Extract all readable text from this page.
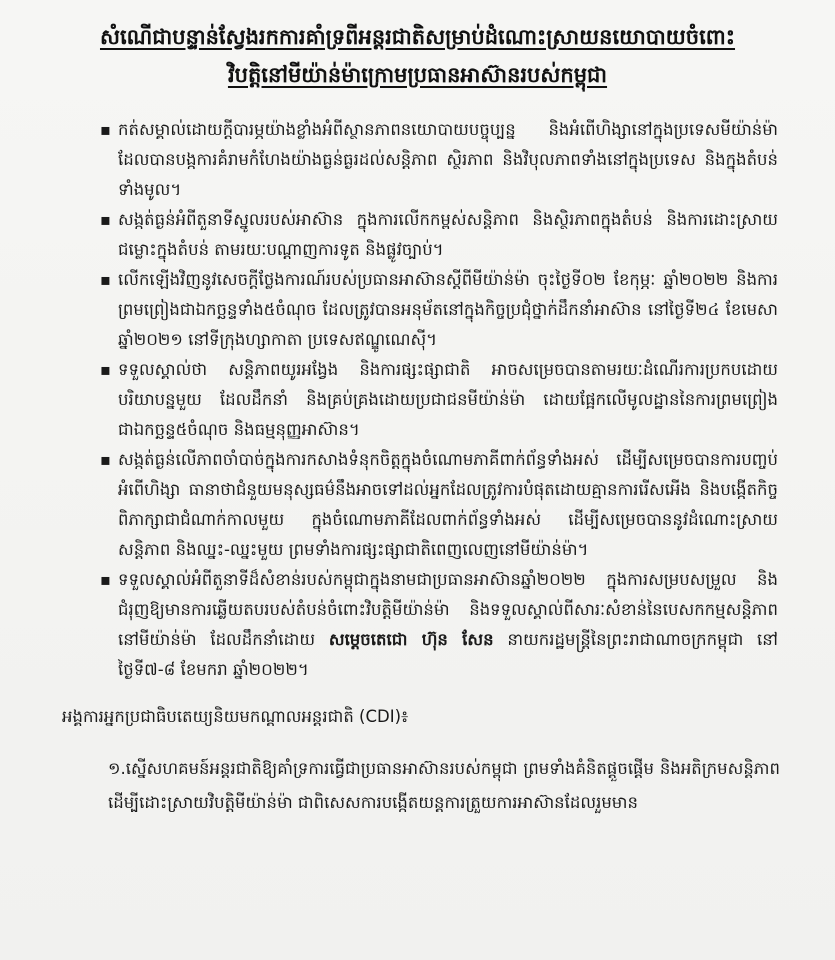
សំណើជាបន្ទាន់ស្វែងរកការគាំទ្រពីអន្តរជាតិសម្រាប់ដំណោះស្រាយនយោបាយចំពោះ
វិបត្តិនៅមីយ៉ាន់ម៉ាក្រោមប្រធានអាស៊ានរបស់កម្ពុជា
▪ កត់សម្គាល់ដោយក្តីបារម្ភយ៉ាងខ្លាំងអំពីស្ថានភាពនយោបាយបច្ចុប្បន្ន និងអំពើហិង្សានៅក្នុងប្រទេសមីយ៉ាន់ម៉ា ដែលបានបង្កការគំរាមកំហែងយ៉ាងធ្ងន់ធ្ងរដល់សន្តិភាព ស្ថិរភាព និងវិបុលភាពទាំងនៅក្នុងប្រទេស និងក្នុងតំបន់ទាំងមូល។
▪ សង្កត់ធ្ងន់អំពីតួនាទីស្នូលរបស់អាស៊ាន ក្នុងការលើកកម្ពស់សន្តិភាព និងស្ថិរភាពក្នុងតំបន់ និងការដោះស្រាយជម្លោះក្នុងតំបន់ តាមរយៈបណ្តាញការទូត និងផ្លូវច្បាប់។
▪ លើកឡើងវិញនូវសេចក្តីថ្លែងការណ៍របស់ប្រធានអាស៊ានស្តីពីមីយ៉ាន់ម៉ា ចុះថ្ងៃទី០២ ខែកុម្ភៈ ឆ្នាំ២០២២ និងការព្រមព្រៀងជាឯកច្ឆន្ទទាំង៥ចំណុច ដែលត្រូវបានអនុម័តនៅក្នុងកិច្ចប្រជុំថ្នាក់ដឹកនាំអាស៊ាន នៅថ្ងៃទី២៤ ខែមេសា ឆ្នាំ២០២១ នៅទីក្រុងហ្សាកាតា ប្រទេសឥណ្ឌូណេស៊ី។
▪ ទទួលស្គាល់ថា សន្តិភាពយូរអង្វែង និងការផ្សះផ្សាជាតិ អាចសម្រេចបានតាមរយៈដំណើរការប្រកបដោយបរិយាបន្នមួយ ដែលដឹកនាំ និងគ្រប់គ្រងដោយប្រជាជនមីយ៉ាន់ម៉ា ដោយផ្អែកលើមូលដ្ឋាននៃការព្រមព្រៀងជាឯកច្ឆន្ទ៥ចំណុច និងធម្មនុញ្ញអាស៊ាន។
▪ សង្កត់ធ្ងន់លើភាពចាំបាច់ក្នុងការកសាងទំនុកចិត្តក្នុងចំណោមភាគីពាក់ព័ន្ធទាំងអស់ ដើម្បីសម្រេចបានការបញ្ចប់អំពើហិង្សា ធានាថាជំនួយមនុស្សធម៌នឹងអាចទៅដល់អ្នកដែលត្រូវការបំផុតដោយគ្មានការរើសអើង និងបង្កើតកិច្ចពិភាក្សាជាជំណាក់កាលមួយ ក្នុងចំណោមភាគីដែលពាក់ព័ន្ធទាំងអស់ ដើម្បីសម្រេចបាននូវដំណោះស្រាយសន្តិភាព និងឈ្នះ-ឈ្នះមួយ ព្រមទាំងការផ្សះផ្សាជាតិពេញលេញនៅមីយ៉ាន់ម៉ា។
▪ ទទួលស្គាល់អំពីតួនាទីដ៏សំខាន់របស់កម្ពុជាក្នុងនាមជាប្រធានអាស៊ានឆ្នាំ២០២២ ក្នុងការសម្របសម្រួល និងជំរុញឱ្យមានការឆ្លើយតបរបស់តំបន់ចំពោះវិបត្តិមីយ៉ាន់ម៉ា និងទទួលស្គាល់ពីសារៈសំខាន់នៃបេសកកម្មសន្តិភាពនៅមីយ៉ាន់ម៉ា ដែលដឹកនាំដោយ សម្តេចតេជោ ហ៊ុន សែន នាយករដ្ឋមន្ត្រីនៃព្រះរាជាណាចក្រកម្ពុជា នៅថ្ងៃទី៧-៨ ខែមករា ឆ្នាំ២០២២។
អង្គការអ្នកប្រជាធិបតេយ្យនិយមកណ្តាលអន្តរជាតិ (CDI)៖
១.ស្នើសហគមន៍អន្តរជាតិឱ្យគាំទ្រការធ្វើជាប្រធានអាស៊ានរបស់កម្ពុជា ព្រមទាំងគំនិតផ្តួចផ្តើម និងអតិក្រមសន្តិភាព ដើម្បីដោះស្រាយវិបត្តិមីយ៉ាន់ម៉ា ជាពិសេសការបង្កើតយន្តការត្រួយការអាស៊ានដែលរួមមាន
